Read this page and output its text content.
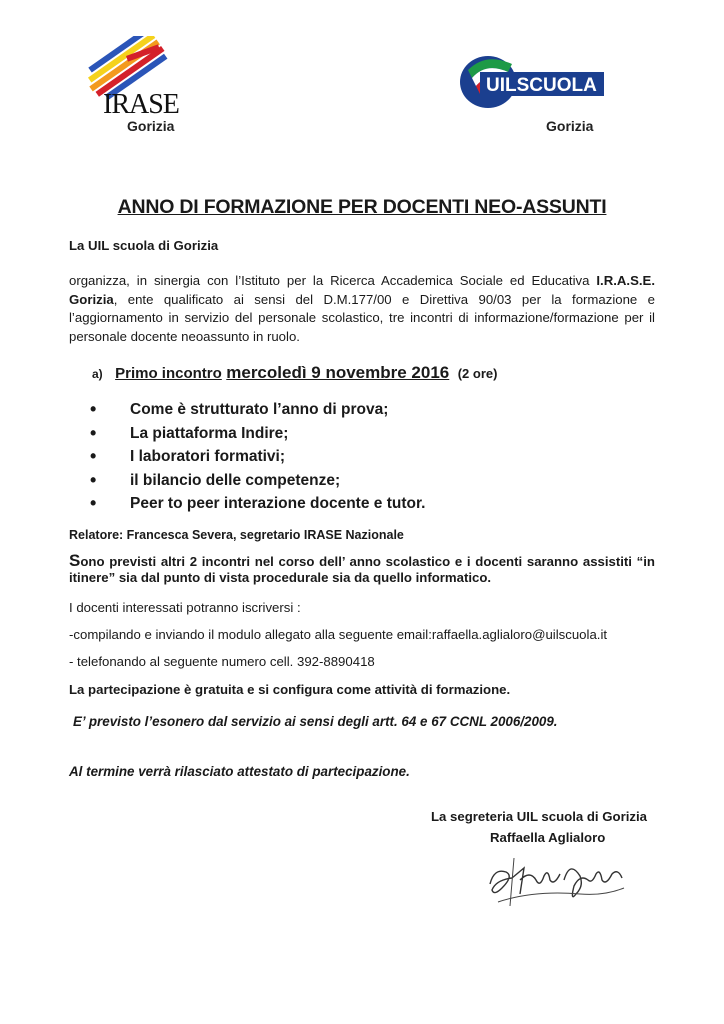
IRASE
Gorizia
UILSCUOLA
Gorizia
ANNO DI FORMAZIONE PER DOCENTI NEO-ASSUNTI
La UIL scuola di Gorizia
organizza, in sinergia con l’Istituto per la Ricerca Accademica Sociale ed Educativa I.R.A.S.E. Gorizia, ente qualificato ai sensi del D.M.177/00 e Direttiva 90/03 per la formazione e l’aggiornamento in servizio del personale scolastico, tre incontri di informazione/formazione per il personale docente neoassunto in ruolo.
a) Primo incontro mercoledì 9 novembre 2016 (2 ore)
• Come è strutturato l’anno di prova;
• La piattaforma Indire;
• I laboratori formativi;
• il bilancio delle competenze;
• Peer to peer interazione docente e tutor.
Relatore: Francesca Severa, segretario IRASE Nazionale
Sono previsti altri 2 incontri nel corso dell’ anno scolastico e i docenti saranno assistiti “in itinere” sia dal punto di vista procedurale sia da quello informatico.
I docenti interessati potranno iscriversi :
-compilando e inviando il modulo allegato alla seguente email:raffaella.aglialoro@uilscuola.it
- telefonando al seguente numero cell. 392-8890418
La partecipazione è gratuita e si configura come attività di formazione.
E’ previsto l’esonero dal servizio ai sensi degli artt. 64 e 67 CCNL 2006/2009.
Al termine verrà rilasciato attestato di partecipazione.
La segreteria UIL scuola di Gorizia
Raffaella Aglialoro
